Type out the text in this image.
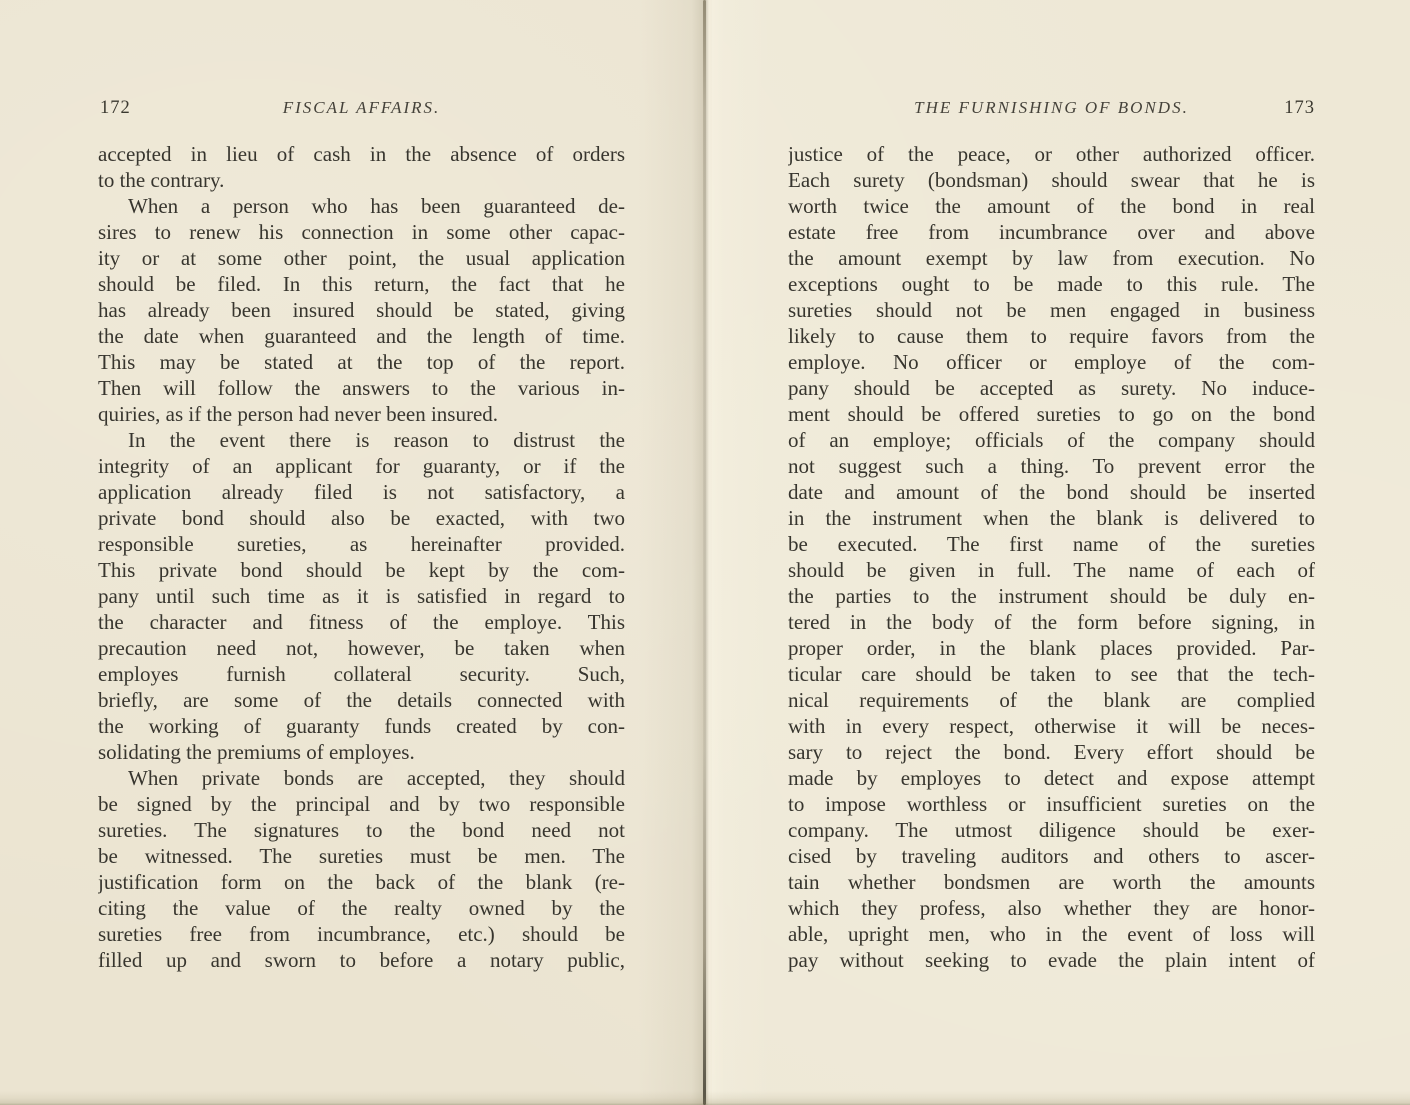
172	FISCAL AFFAIRS.
accepted in lieu of cash in the absence of orders
to the contrary.
When a person who has been guaranteed de-
sires to renew his connection in some other capac-
ity or at some other point, the usual application
should be filed. In this return, the fact that he
has already been insured should be stated, giving
the date when guaranteed and the length of time.
This may be stated at the top of the report.
Then will follow the answers to the various in-
quiries, as if the person had never been insured.
In the event there is reason to distrust the
integrity of an applicant for guaranty, or if the
application already filed is not satisfactory, a
private bond should also be exacted, with two
responsible sureties, as hereinafter provided.
This private bond should be kept by the com-
pany until such time as it is satisfied in regard to
the character and fitness of the employe. This
precaution need not, however, be taken when
employes furnish collateral security. Such,
briefly, are some of the details connected with
the working of guaranty funds created by con-
solidating the premiums of employes.
When private bonds are accepted, they should
be signed by the principal and by two responsible
sureties. The signatures to the bond need not
be witnessed. The sureties must be men. The
justification form on the back of the blank (re-
citing the value of the realty owned by the
sureties free from incumbrance, etc.) should be
filled up and sworn to before a notary public,
THE FURNISHING OF BONDS.	173
justice of the peace, or other authorized officer.
Each surety (bondsman) should swear that he is
worth twice the amount of the bond in real
estate free from incumbrance over and above
the amount exempt by law from execution. No
exceptions ought to be made to this rule. The
sureties should not be men engaged in business
likely to cause them to require favors from the
employe. No officer or employe of the com-
pany should be accepted as surety. No induce-
ment should be offered sureties to go on the bond
of an employe; officials of the company should
not suggest such a thing. To prevent error the
date and amount of the bond should be inserted
in the instrument when the blank is delivered to
be executed. The first name of the sureties
should be given in full. The name of each of
the parties to the instrument should be duly en-
tered in the body of the form before signing, in
proper order, in the blank places provided. Par-
ticular care should be taken to see that the tech-
nical requirements of the blank are complied
with in every respect, otherwise it will be neces-
sary to reject the bond. Every effort should be
made by employes to detect and expose attempt
to impose worthless or insufficient sureties on the
company. The utmost diligence should be exer-
cised by traveling auditors and others to ascer-
tain whether bondsmen are worth the amounts
which they profess, also whether they are honor-
able, upright men, who in the event of loss will
pay without seeking to evade the plain intent of
